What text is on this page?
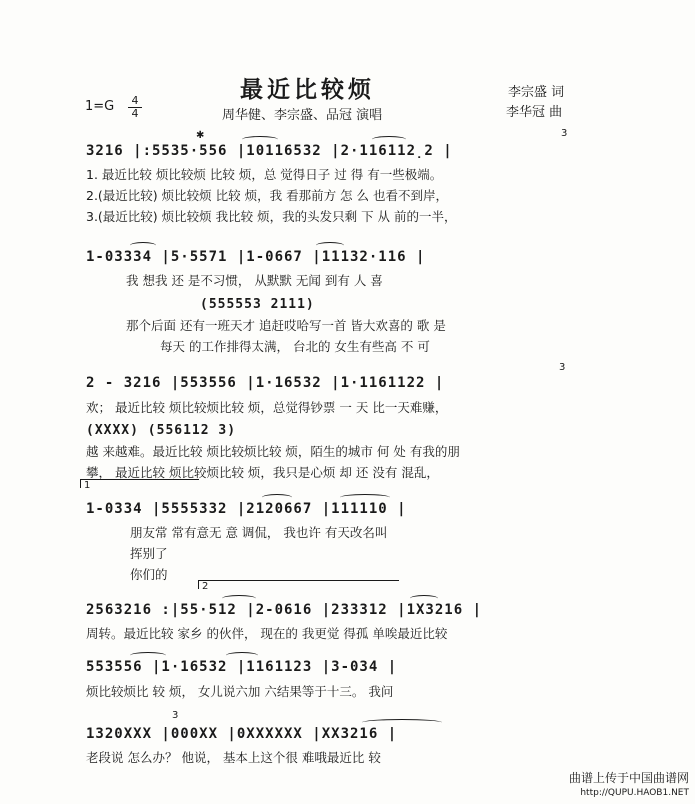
最近比较烦
1=G	4
4	周华健、李宗盛、品冠 演唱
李宗盛 词
李华冠 曲
3216 |:5535·556 |10116532 |2·116112̣2 |
✱	3
1. 最近比较 烦比较烦 比较 烦，总 觉得日子 过 得 有一些极端。
2.(最近比较) 烦比较烦 比较 烦，我 看那前方 怎 么 也看不到岸，
3.(最近比较) 烦比较烦 我比较 烦，我的头发只剩 下 从 前的一半，
1-03334 |5·5571 |1-0667 |11132·116 |
我 想我 还 是不习惯， 从默默 无闻 到有 人 喜
(555553 2111)
那个后面 还有一班天才 追赶哎哈写一首 皆大欢喜的 歌 是
每天 的工作排得太满， 台北的 女生有些高 不 可
2 - 3216 |553556 |1·16532 |1·1161122 |
3
欢； 最近比较 烦比较烦比较 烦，总觉得钞票 一 天 比一天难赚，
(XXXX) (556112 3)
越 来越难。最近比较 烦比较烦比较 烦，陌生的城市 何 处 有我的朋
攀， 最近比较 烦比较烦比较 烦，我只是心烦 却 还 没有 混乱，
1
1-0334 |5555332 |2120667 |111110 |
朋友常 常有意无 意 调侃， 我也许 有天改名叫
挥别了
你们的
2
2563216 :|55·512 |2-0616 |233312 |1X3216 |
周转。最近比较 家乡 的伙伴， 现在的 我更觉 得孤 单唉最近比较
553556 |1·16532 |1161123 |3-034 |
烦比较烦比 较 烦， 女儿说六加 六结果等于十三。 我问
3
1320XXX |000XX |0XXXXXX |XX3216 |
老段说 怎么办？ 他说， 基本上这个很 难哦最近比 较
曲谱上传于中国曲谱网
http://QUPU.HAOB1.NET
